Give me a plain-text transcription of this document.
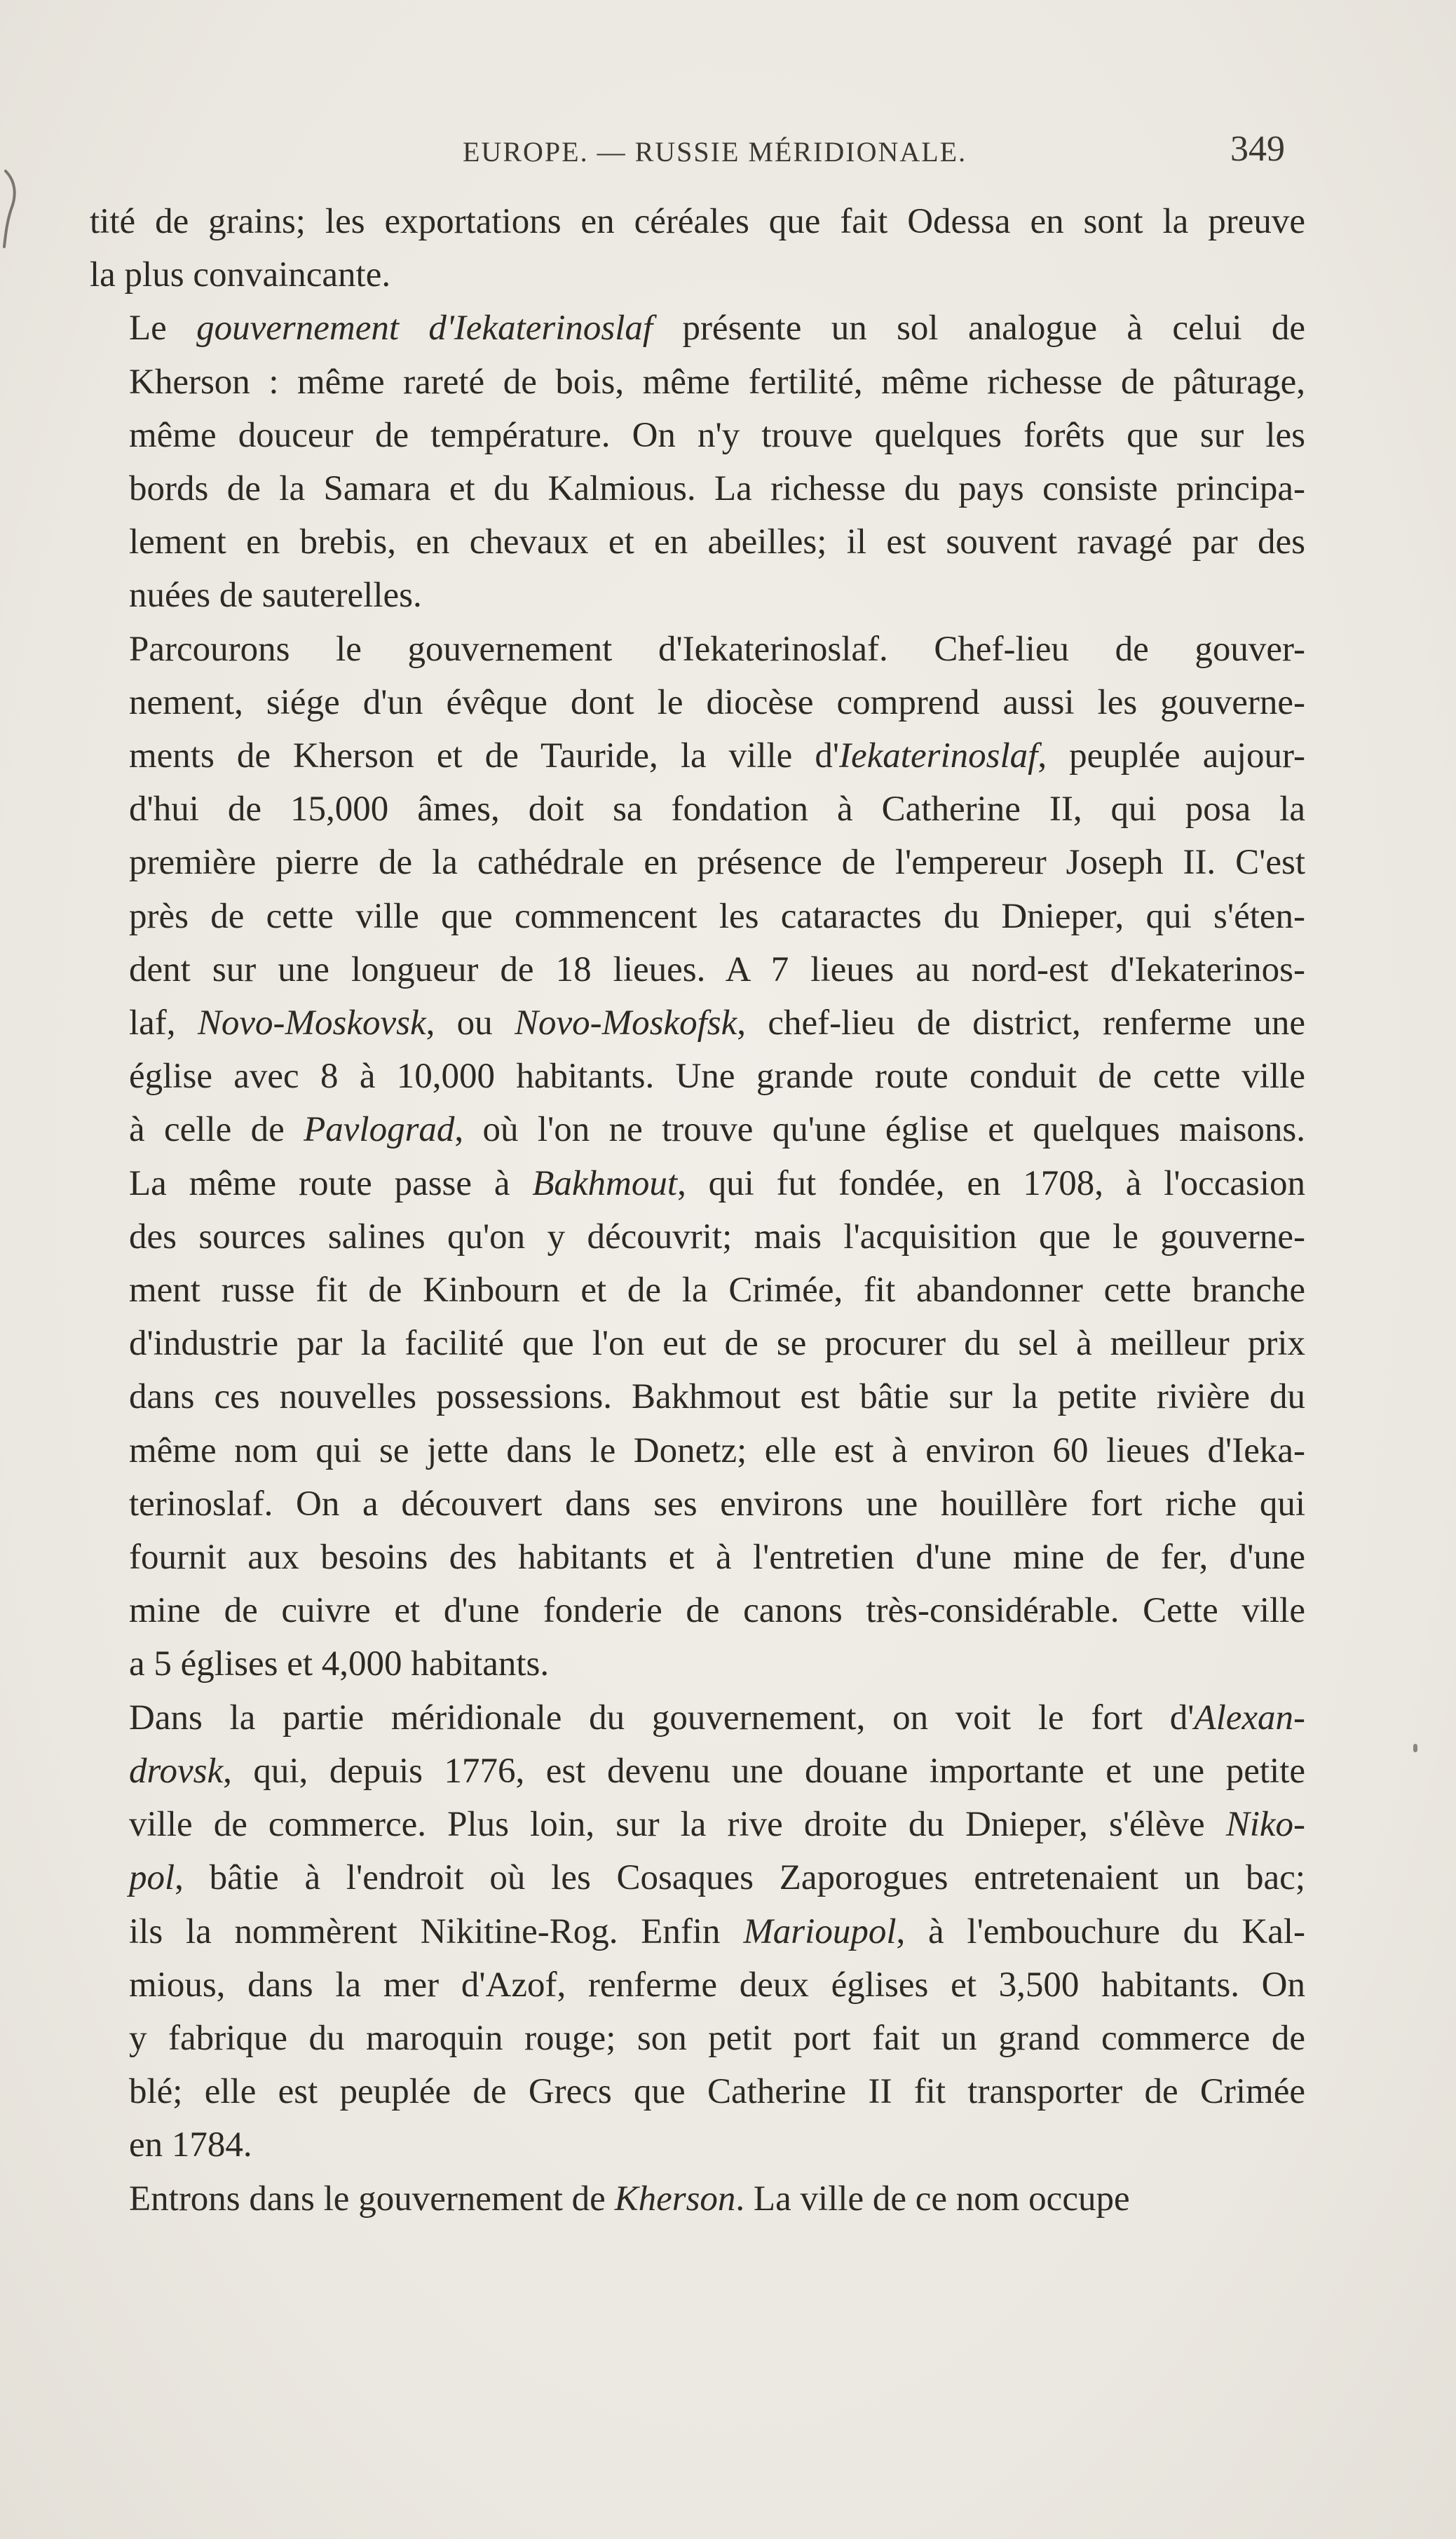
EUROPE. — RUSSIE MÉRIDIONALE.	349

tité de grains; les exportations en céréales que fait Odessa en sont la preuve
la plus convaincante.

Le gouvernement d'Iekaterinoslaf présente un sol analogue à celui de
Kherson : même rareté de bois, même fertilité, même richesse de pâturage,
même douceur de température. On n'y trouve quelques forêts que sur les
bords de la Samara et du Kalmious. La richesse du pays consiste principa-
lement en brebis, en chevaux et en abeilles; il est souvent ravagé par des
nuées de sauterelles.

Parcourons le gouvernement d'Iekaterinoslaf. Chef-lieu de gouver-
nement, siége d'un évêque dont le diocèse comprend aussi les gouverne-
ments de Kherson et de Tauride, la ville d'Iekaterinoslaf, peuplée aujour-
d'hui de 15,000 âmes, doit sa fondation à Catherine II, qui posa la
première pierre de la cathédrale en présence de l'empereur Joseph II. C'est
près de cette ville que commencent les cataractes du Dnieper, qui s'éten-
dent sur une longueur de 18 lieues. A 7 lieues au nord-est d'Iekaterinos-
laf, Novo-Moskovsk, ou Novo-Moskofsk, chef-lieu de district, renferme une
église avec 8 à 10,000 habitants. Une grande route conduit de cette ville
à celle de Pavlograd, où l'on ne trouve qu'une église et quelques maisons.
La même route passe à Bakhmout, qui fut fondée, en 1708, à l'occasion
des sources salines qu'on y découvrit; mais l'acquisition que le gouverne-
ment russe fit de Kinbourn et de la Crimée, fit abandonner cette branche
d'industrie par la facilité que l'on eut de se procurer du sel à meilleur prix
dans ces nouvelles possessions. Bakhmout est bâtie sur la petite rivière du
même nom qui se jette dans le Donetz; elle est à environ 60 lieues d'Ieka-
terinoslaf. On a découvert dans ses environs une houillère fort riche qui
fournit aux besoins des habitants et à l'entretien d'une mine de fer, d'une
mine de cuivre et d'une fonderie de canons très-considérable. Cette ville
a 5 églises et 4,000 habitants.

Dans la partie méridionale du gouvernement, on voit le fort d'Alexan-
drovsk, qui, depuis 1776, est devenu une douane importante et une petite
ville de commerce. Plus loin, sur la rive droite du Dnieper, s'élève Niko-
pol, bâtie à l'endroit où les Cosaques Zaporogues entretenaient un bac;
ils la nommèrent Nikitine-Rog. Enfin Marioupol, à l'embouchure du Kal-
mious, dans la mer d'Azof, renferme deux églises et 3,500 habitants. On
y fabrique du maroquin rouge; son petit port fait un grand commerce de
blé; elle est peuplée de Grecs que Catherine II fit transporter de Crimée
en 1784.

Entrons dans le gouvernement de Kherson. La ville de ce nom occupe
